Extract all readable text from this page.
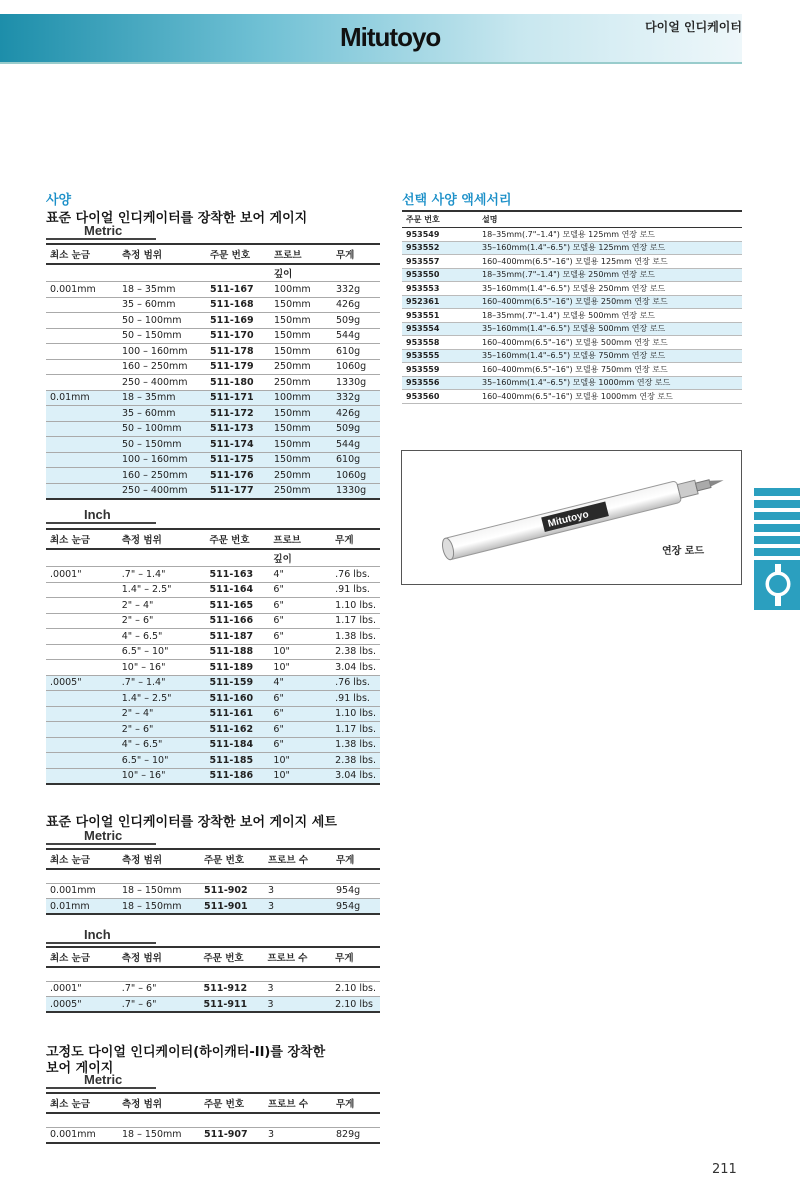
Mitutoyo	다이얼 인디케이터
사양
표준 다이얼 인디케이터를 장착한 보어 게이지
Metric
최소 눈금	측정 범위	주문 번호	프로브	무게
			깊이	
0.001mm	18 – 35mm	511-167	100mm	332g
	35 – 60mm	511-168	150mm	426g
	50 – 100mm	511-169	150mm	509g
	50 – 150mm	511-170	150mm	544g
	100 – 160mm	511-178	150mm	610g
	160 – 250mm	511-179	250mm	1060g
	250 – 400mm	511-180	250mm	1330g
0.01mm	18 – 35mm	511-171	100mm	332g
	35 – 60mm	511-172	150mm	426g
	50 – 100mm	511-173	150mm	509g
	50 – 150mm	511-174	150mm	544g
	100 – 160mm	511-175	150mm	610g
	160 – 250mm	511-176	250mm	1060g
	250 – 400mm	511-177	250mm	1330g
Inch
최소 눈금	측정 범위	주문 번호	프로브	무게
			깊이	
.0001"	.7" – 1.4"	511-163	4"	.76 lbs.
	1.4" – 2.5"	511-164	6"	.91 lbs.
	2" – 4"	511-165	6"	1.10 lbs.
	2" – 6"	511-166	6"	1.17 lbs.
	4" – 6.5"	511-187	6"	1.38 lbs.
	6.5" – 10"	511-188	10"	2.38 lbs.
	10" – 16"	511-189	10"	3.04 lbs.
.0005"	.7" – 1.4"	511-159	4"	.76 lbs.
	1.4" – 2.5"	511-160	6"	.91 lbs.
	2" – 4"	511-161	6"	1.10 lbs.
	2" – 6"	511-162	6"	1.17 lbs.
	4" – 6.5"	511-184	6"	1.38 lbs.
	6.5" – 10"	511-185	10"	2.38 lbs.
	10" – 16"	511-186	10"	3.04 lbs.
표준 다이얼 인디케이터를 장착한 보어 게이지 세트
Metric
최소 눈금	측정 범위	주문 번호	프로브 수	무게

0.001mm	18 – 150mm	511-902	3	954g
0.01mm	18 – 150mm	511-901	3	954g
Inch
최소 눈금	측정 범위	주문 번호	프로브 수	무게

.0001"	.7" – 6"	511-912	3	2.10 lbs.
.0005"	.7" – 6"	511-911	3	2.10 lbs
고정도 다이얼 인디케이터(하이캐터-II)를 장착한
보어 게이지
Metric
최소 눈금	측정 범위	주문 번호	프로브 수	무게

0.001mm	18 – 150mm	511-907	3	829g
선택 사양 액세서리
주문 번호	설명
953549	18–35mm(.7"–1.4") 모델용 125mm 연장 로드
953552	35–160mm(1.4"–6.5") 모델용 125mm 연장 로드
953557	160–400mm(6.5"–16") 모델용 125mm 연장 로드
953550	18–35mm(.7"–1.4") 모델용 250mm 연장 로드
953553	35–160mm(1.4"–6.5") 모델용 250mm 연장 로드
952361	160–400mm(6.5"–16") 모델용 250mm 연장 로드
953551	18–35mm(.7"–1.4") 모델용 500mm 연장 로드
953554	35–160mm(1.4"–6.5") 모델용 500mm 연장 로드
953558	160–400mm(6.5"–16") 모델용 500mm 연장 로드
953555	35–160mm(1.4"–6.5") 모델용 750mm 연장 로드
953559	160–400mm(6.5"–16") 모델용 750mm 연장 로드
953556	35–160mm(1.4"–6.5") 모델용 1000mm 연장 로드
953560	160–400mm(6.5"–16") 모델용 1000mm 연장 로드
Mitutoyo
연장 로드
211
